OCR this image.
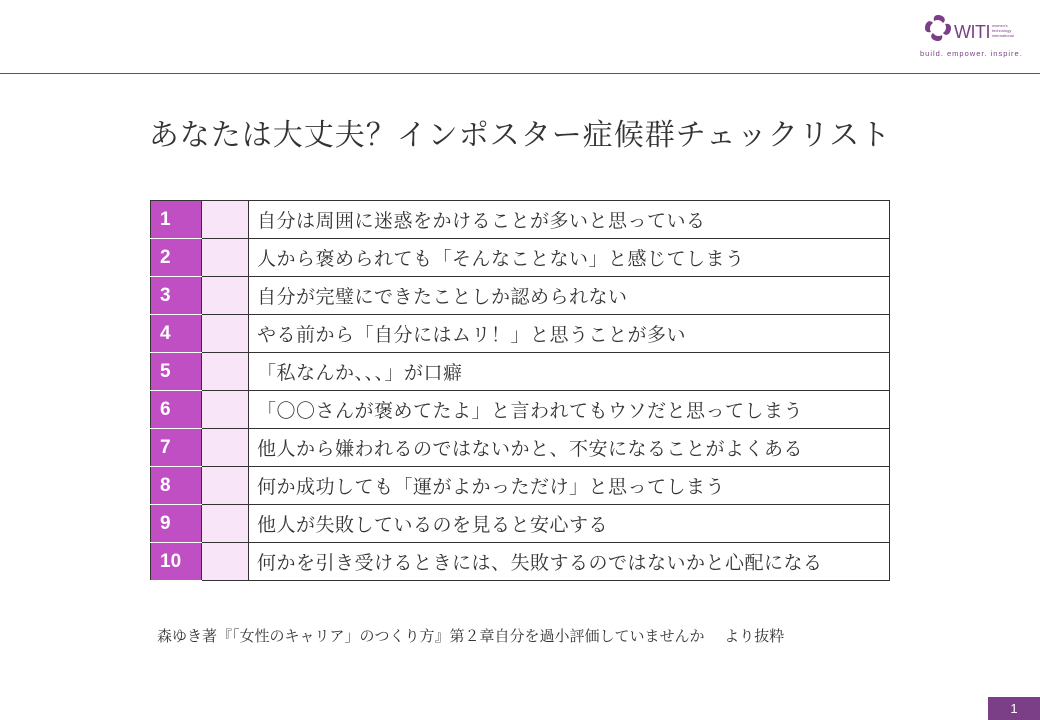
WITI women's technology international
build. empower. inspire.
あなたは大丈夫？インポスター症候群チェックリスト
1		自分は周囲に迷惑をかけることが多いと思っている
2		人から褒められても「そんなことない」と感じてしまう
3		自分が完璧にできたことしか認められない
4		やる前から「自分にはムリ！」と思うことが多い
5		「私なんか、、、」が口癖
6		「〇〇さんが褒めてたよ」と言われてもウソだと思ってしまう
7		他人から嫌われるのではないかと、不安になることがよくある
8		何か成功しても「運がよかっただけ」と思ってしまう
9		他人が失敗しているのを見ると安心する
10		何かを引き受けるときには、失敗するのではないかと心配になる
森ゆき著『「女性のキャリア」のつくり方』第２章自分を過小評価していませんか　 より抜粋
1
